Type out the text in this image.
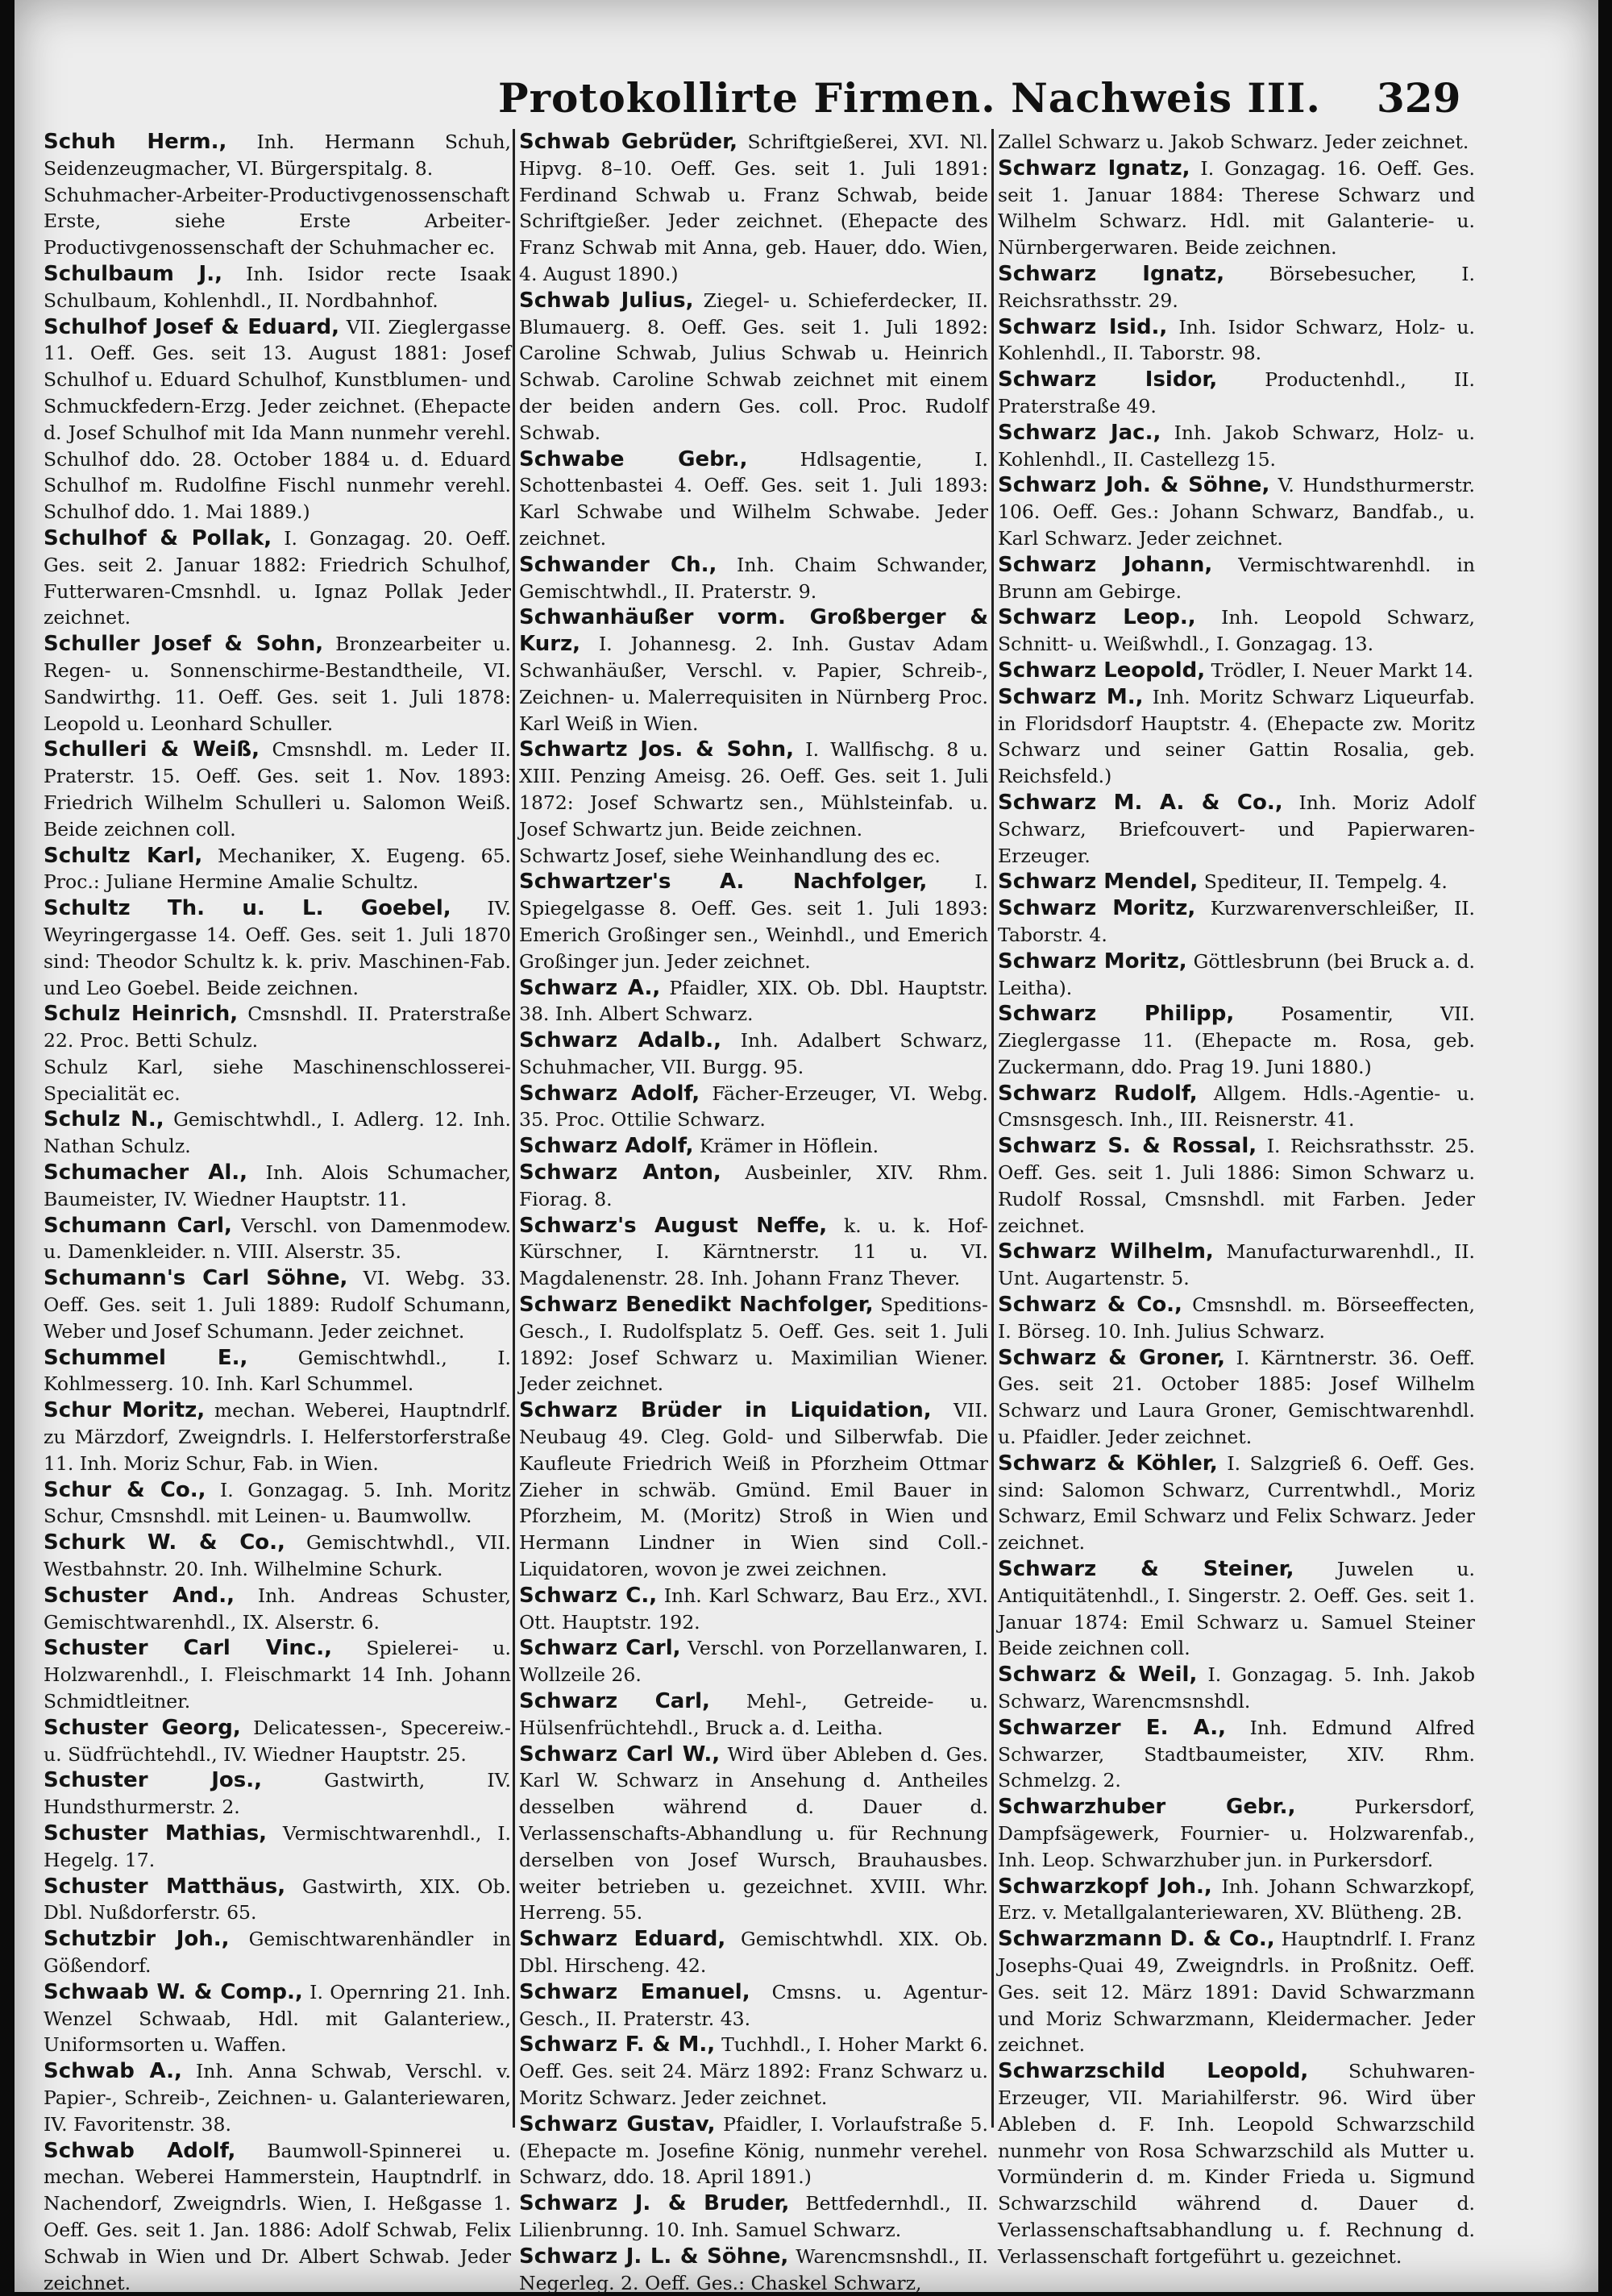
Protokollirte Firmen. Nachweis III.	329
Schuh Herm., Inh. Hermann Schuh, Seidenzeugmacher, VI. Bürgerspitalg. 8.
Schuhmacher-Arbeiter-Productivgenossenschaft Erste, siehe Erste Arbeiter-Productivgenossenschaft der Schuhmacher ec.
Schulbaum J., Inh. Isidor recte Isaak Schulbaum, Kohlenhdl., II. Nordbahnhof.
Schulhof Josef & Eduard, VII. Zieglergasse 11. Oeff. Ges. seit 13. August 1881: Josef Schulhof u. Eduard Schulhof, Kunstblumen- und Schmuckfedern-Erzg. Jeder zeichnet. (Ehepacte d. Josef Schulhof mit Ida Mann nunmehr verehl. Schulhof ddo. 28. October 1884 u. d. Eduard Schulhof m. Rudolfine Fischl nunmehr verehl. Schulhof ddo. 1. Mai 1889.)
Schulhof & Pollak, I. Gonzagag. 20. Oeff. Ges. seit 2. Januar 1882: Friedrich Schulhof, Futterwaren-Cmsnhdl. u. Ignaz Pollak Jeder zeichnet.
Schuller Josef & Sohn, Bronzearbeiter u. Regen- u. Sonnenschirme-Bestandtheile, VI. Sandwirthg. 11. Oeff. Ges. seit 1. Juli 1878: Leopold u. Leonhard Schuller.
Schulleri & Weiß, Cmsnshdl. m. Leder II. Praterstr. 15. Oeff. Ges. seit 1. Nov. 1893: Friedrich Wilhelm Schulleri u. Salomon Weiß. Beide zeichnen coll.
Schultz Karl, Mechaniker, X. Eugeng. 65. Proc.: Juliane Hermine Amalie Schultz.
Schultz Th. u. L. Goebel, IV. Weyringergasse 14. Oeff. Ges. seit 1. Juli 1870 sind: Theodor Schultz k. k. priv. Maschinen-Fab. und Leo Goebel. Beide zeichnen.
Schulz Heinrich, Cmsnshdl. II. Praterstraße 22. Proc. Betti Schulz.
Schulz Karl, siehe Maschinenschlosserei-Specialität ec.
Schulz N., Gemischtwhdl., I. Adlerg. 12. Inh. Nathan Schulz.
Schumacher Al., Inh. Alois Schumacher, Baumeister, IV. Wiedner Hauptstr. 11.
Schumann Carl, Verschl. von Damenmodew. u. Damenkleider. n. VIII. Alserstr. 35.
Schumann's Carl Söhne, VI. Webg. 33. Oeff. Ges. seit 1. Juli 1889: Rudolf Schumann, Weber und Josef Schumann. Jeder zeichnet.
Schummel E.,	Gemischtwhdl., I. Kohlmesserg. 10. Inh. Karl Schummel.
Schur Moritz, mechan. Weberei, Hauptndrlf. zu Märzdorf, Zweigndrls. I. Helferstorferstraße 11. Inh. Moriz Schur, Fab. in Wien.
Schur & Co., I. Gonzagag. 5. Inh. Moritz Schur, Cmsnshdl. mit Leinen- u. Baumwollw.
Schurk W. & Co., Gemischtwhdl., VII. Westbahnstr. 20. Inh. Wilhelmine Schurk.
Schuster And., Inh. Andreas Schuster, Gemischtwarenhdl., IX. Alserstr. 6.
Schuster Carl Vinc., Spielerei- u. Holzwarenhdl., I. Fleischmarkt 14 Inh. Johann Schmidtleitner.
Schuster Georg, Delicatessen-, Specereiw.- u. Südfrüchtehdl., IV. Wiedner Hauptstr. 25.
Schuster Jos.,	Gastwirth, IV. Hundsthurmerstr. 2.
Schuster Mathias, Vermischtwarenhdl., I. Hegelg. 17.
Schuster Matthäus, Gastwirth, XIX. Ob. Dbl. Nußdorferstr. 65.
Schutzbir Joh., Gemischtwarenhändler in Gößendorf.
Schwaab W. & Comp., I. Opernring 21. Inh. Wenzel Schwaab, Hdl. mit Galanteriew., Uniformsorten u. Waffen.
Schwab A., Inh. Anna Schwab, Verschl. v. Papier-, Schreib-, Zeichnen- u. Galanteriewaren, IV. Favoritenstr. 38.
Schwab Adolf, Baumwoll-Spinnerei u. mechan. Weberei Hammerstein, Hauptndrlf. in Nachendorf, Zweigndrls. Wien, I. Heßgasse 1. Oeff. Ges. seit 1. Jan. 1886: Adolf Schwab, Felix Schwab in Wien und Dr. Albert Schwab. Jeder zeichnet.
Schwab Gebrüder, Schriftgießerei, XVI. Nl. Hipvg. 8–10. Oeff. Ges. seit 1. Juli 1891: Ferdinand Schwab u. Franz Schwab, beide Schriftgießer. Jeder zeichnet. (Ehepacte des Franz Schwab mit Anna, geb. Hauer, ddo. Wien, 4. August 1890.)
Schwab Julius, Ziegel- u. Schieferdecker, II. Blumauerg. 8. Oeff. Ges. seit 1. Juli 1892: Caroline Schwab, Julius Schwab u. Heinrich Schwab. Caroline Schwab zeichnet mit einem der beiden andern Ges. coll. Proc. Rudolf Schwab.
Schwabe Gebr.,	Hdlsagentie, I. Schottenbastei 4. Oeff. Ges. seit 1. Juli 1893: Karl Schwabe und Wilhelm Schwabe. Jeder zeichnet.
Schwander Ch., Inh. Chaim Schwander, Gemischtwhdl., II. Praterstr. 9.
Schwanhäußer vorm. Großberger & Kurz, I. Johannesg. 2. Inh. Gustav Adam Schwanhäußer, Verschl. v. Papier, Schreib-, Zeichnen- u. Malerrequisiten in Nürnberg Proc. Karl Weiß in Wien.
Schwartz Jos. & Sohn, I. Wallfischg. 8 u. XIII. Penzing Ameisg. 26. Oeff. Ges. seit 1. Juli 1872: Josef Schwartz sen., Mühlsteinfab. u. Josef Schwartz jun. Beide zeichnen.
Schwartz Josef, siehe Weinhandlung des ec.
Schwartzer's A. Nachfolger,	I. Spiegelgasse 8. Oeff. Ges. seit 1. Juli 1893: Emerich Großinger sen., Weinhdl., und Emerich Großinger jun. Jeder zeichnet.
Schwarz A., Pfaidler, XIX. Ob. Dbl. Hauptstr. 38. Inh. Albert Schwarz.
Schwarz Adalb., Inh. Adalbert Schwarz, Schuhmacher, VII. Burgg. 95.
Schwarz Adolf, Fächer-Erzeuger, VI. Webg. 35. Proc. Ottilie Schwarz.
Schwarz Adolf, Krämer in Höflein.
Schwarz Anton, Ausbeinler, XIV. Rhm. Fiorag. 8.
Schwarz's August Neffe, k. u. k. Hof-Kürschner, I. Kärntnerstr. 11 u. VI. Magdalenenstr. 28. Inh. Johann Franz Thever.
Schwarz Benedikt Nachfolger, Speditions-Gesch., I. Rudolfsplatz 5. Oeff. Ges. seit 1. Juli 1892: Josef Schwarz u. Maximilian Wiener. Jeder zeichnet.
Schwarz Brüder in Liquidation, VII. Neubaug 49. Cleg. Gold- und Silberwfab. Die Kaufleute Friedrich Weiß in Pforzheim Ottmar Zieher in schwäb. Gmünd. Emil Bauer in Pforzheim, M. (Moritz) Stroß in Wien und Hermann Lindner in Wien sind Coll.-Liquidatoren, wovon je zwei zeichnen.
Schwarz C., Inh. Karl Schwarz, Bau Erz., XVI. Ott. Hauptstr. 192.
Schwarz Carl, Verschl. von Porzellanwaren, I. Wollzeile 26.
Schwarz Carl, Mehl-, Getreide- u. Hülsenfrüchtehdl., Bruck a. d. Leitha.
Schwarz Carl W., Wird über Ableben d. Ges. Karl W. Schwarz in Ansehung d. Antheiles desselben während d. Dauer d. Verlassenschafts-Abhandlung u. für Rechnung derselben von Josef Wursch, Brauhausbes. weiter betrieben u. gezeichnet. XVIII. Whr. Herreng. 55.
Schwarz Eduard, Gemischtwhdl. XIX. Ob. Dbl. Hirscheng. 42.
Schwarz Emanuel, Cmsns. u. Agentur-Gesch., II. Praterstr. 43.
Schwarz F. & M., Tuchhdl., I. Hoher Markt 6. Oeff. Ges. seit 24. März 1892: Franz Schwarz u. Moritz Schwarz. Jeder zeichnet.
Schwarz Gustav, Pfaidler, I. Vorlaufstraße 5. (Ehepacte m. Josefine König, nunmehr verehel. Schwarz, ddo. 18. April 1891.)
Schwarz J. & Bruder, Bettfedernhdl., II. Lilienbrunng. 10. Inh. Samuel Schwarz.
Schwarz J. L. & Söhne, Warencmsnshdl., II. Negerleg. 2. Oeff. Ges.: Chaskel Schwarz,
Zallel Schwarz u. Jakob Schwarz. Jeder zeichnet.
Schwarz Ignatz, I. Gonzagag. 16. Oeff. Ges. seit 1. Januar 1884: Therese Schwarz und Wilhelm Schwarz. Hdl. mit Galanterie- u. Nürnbergerwaren. Beide zeichnen.
Schwarz Ignatz, Börsebesucher, I. Reichsrathsstr. 29.
Schwarz Isid., Inh. Isidor Schwarz, Holz- u. Kohlenhdl., II. Taborstr. 98.
Schwarz Isidor,	Productenhdl., II. Praterstraße 49.
Schwarz Jac., Inh. Jakob Schwarz, Holz- u. Kohlenhdl., II. Castellezg 15.
Schwarz Joh. & Söhne, V. Hundsthurmerstr. 106. Oeff. Ges.: Johann Schwarz, Bandfab., u. Karl Schwarz. Jeder zeichnet.
Schwarz Johann, Vermischtwarenhdl. in Brunn am Gebirge.
Schwarz Leop., Inh. Leopold Schwarz, Schnitt- u. Weißwhdl., I. Gonzagag. 13.
Schwarz Leopold, Trödler, I. Neuer Markt 14.
Schwarz M., Inh. Moritz Schwarz Liqueurfab. in Floridsdorf Hauptstr. 4. (Ehepacte zw. Moritz Schwarz und seiner Gattin Rosalia, geb. Reichsfeld.)
Schwarz M. A. & Co., Inh. Moriz Adolf Schwarz, Briefcouvert- und Papierwaren-Erzeuger.
Schwarz Mendel, Spediteur, II. Tempelg. 4.
Schwarz Moritz, Kurzwarenverschleißer, II. Taborstr. 4.
Schwarz Moritz, Göttlesbrunn (bei Bruck a. d. Leitha).
Schwarz Philipp, Posamentir, VII. Zieglergasse 11. (Ehepacte m. Rosa, geb. Zuckermann, ddo. Prag 19. Juni 1880.)
Schwarz Rudolf, Allgem. Hdls.-Agentie- u. Cmsnsgesch. Inh., III. Reisnerstr. 41.
Schwarz S. & Rossal, I. Reichsrathsstr. 25. Oeff. Ges. seit 1. Juli 1886: Simon Schwarz u. Rudolf Rossal, Cmsnshdl. mit Farben. Jeder zeichnet.
Schwarz Wilhelm, Manufacturwarenhdl., II. Unt. Augartenstr. 5.
Schwarz & Co., Cmsnshdl. m. Börseeffecten, I. Börseg. 10. Inh. Julius Schwarz.
Schwarz & Groner, I. Kärntnerstr. 36. Oeff. Ges. seit 21. October 1885: Josef Wilhelm Schwarz und Laura Groner, Gemischtwarenhdl. u. Pfaidler. Jeder zeichnet.
Schwarz & Köhler, I. Salzgrieß 6. Oeff. Ges. sind: Salomon Schwarz, Currentwhdl., Moriz Schwarz, Emil Schwarz und Felix Schwarz. Jeder zeichnet.
Schwarz & Steiner, Juwelen u. Antiquitätenhdl., I. Singerstr. 2. Oeff. Ges. seit 1. Januar 1874: Emil Schwarz u. Samuel Steiner Beide zeichnen coll.
Schwarz & Weil, I. Gonzagag. 5. Inh. Jakob Schwarz, Warencmsnshdl.
Schwarzer E. A., Inh. Edmund Alfred Schwarzer, Stadtbaumeister, XIV. Rhm. Schmelzg. 2.
Schwarzhuber Gebr.,	Purkersdorf, Dampfsägewerk, Fournier- u. Holzwarenfab., Inh. Leop. Schwarzhuber jun. in Purkersdorf.
Schwarzkopf Joh., Inh. Johann Schwarzkopf, Erz. v. Metallgalanteriewaren, XV. Blütheng. 2B.
Schwarzmann D. & Co., Hauptndrlf. I. Franz Josephs-Quai 49, Zweigndrls. in Proßnitz. Oeff. Ges. seit 12. März 1891: David Schwarzmann und Moriz Schwarzmann, Kleidermacher. Jeder zeichnet.
Schwarzschild Leopold, Schuhwaren-Erzeuger, VII. Mariahilferstr. 96. Wird über Ableben d. F. Inh. Leopold Schwarzschild nunmehr von Rosa Schwarzschild als Mutter u. Vormünderin d. m. Kinder Frieda u. Sigmund Schwarzschild während d. Dauer d. Verlassenschaftsabhandlung u. f. Rechnung d. Verlassenschaft fortgeführt u. gezeichnet.
